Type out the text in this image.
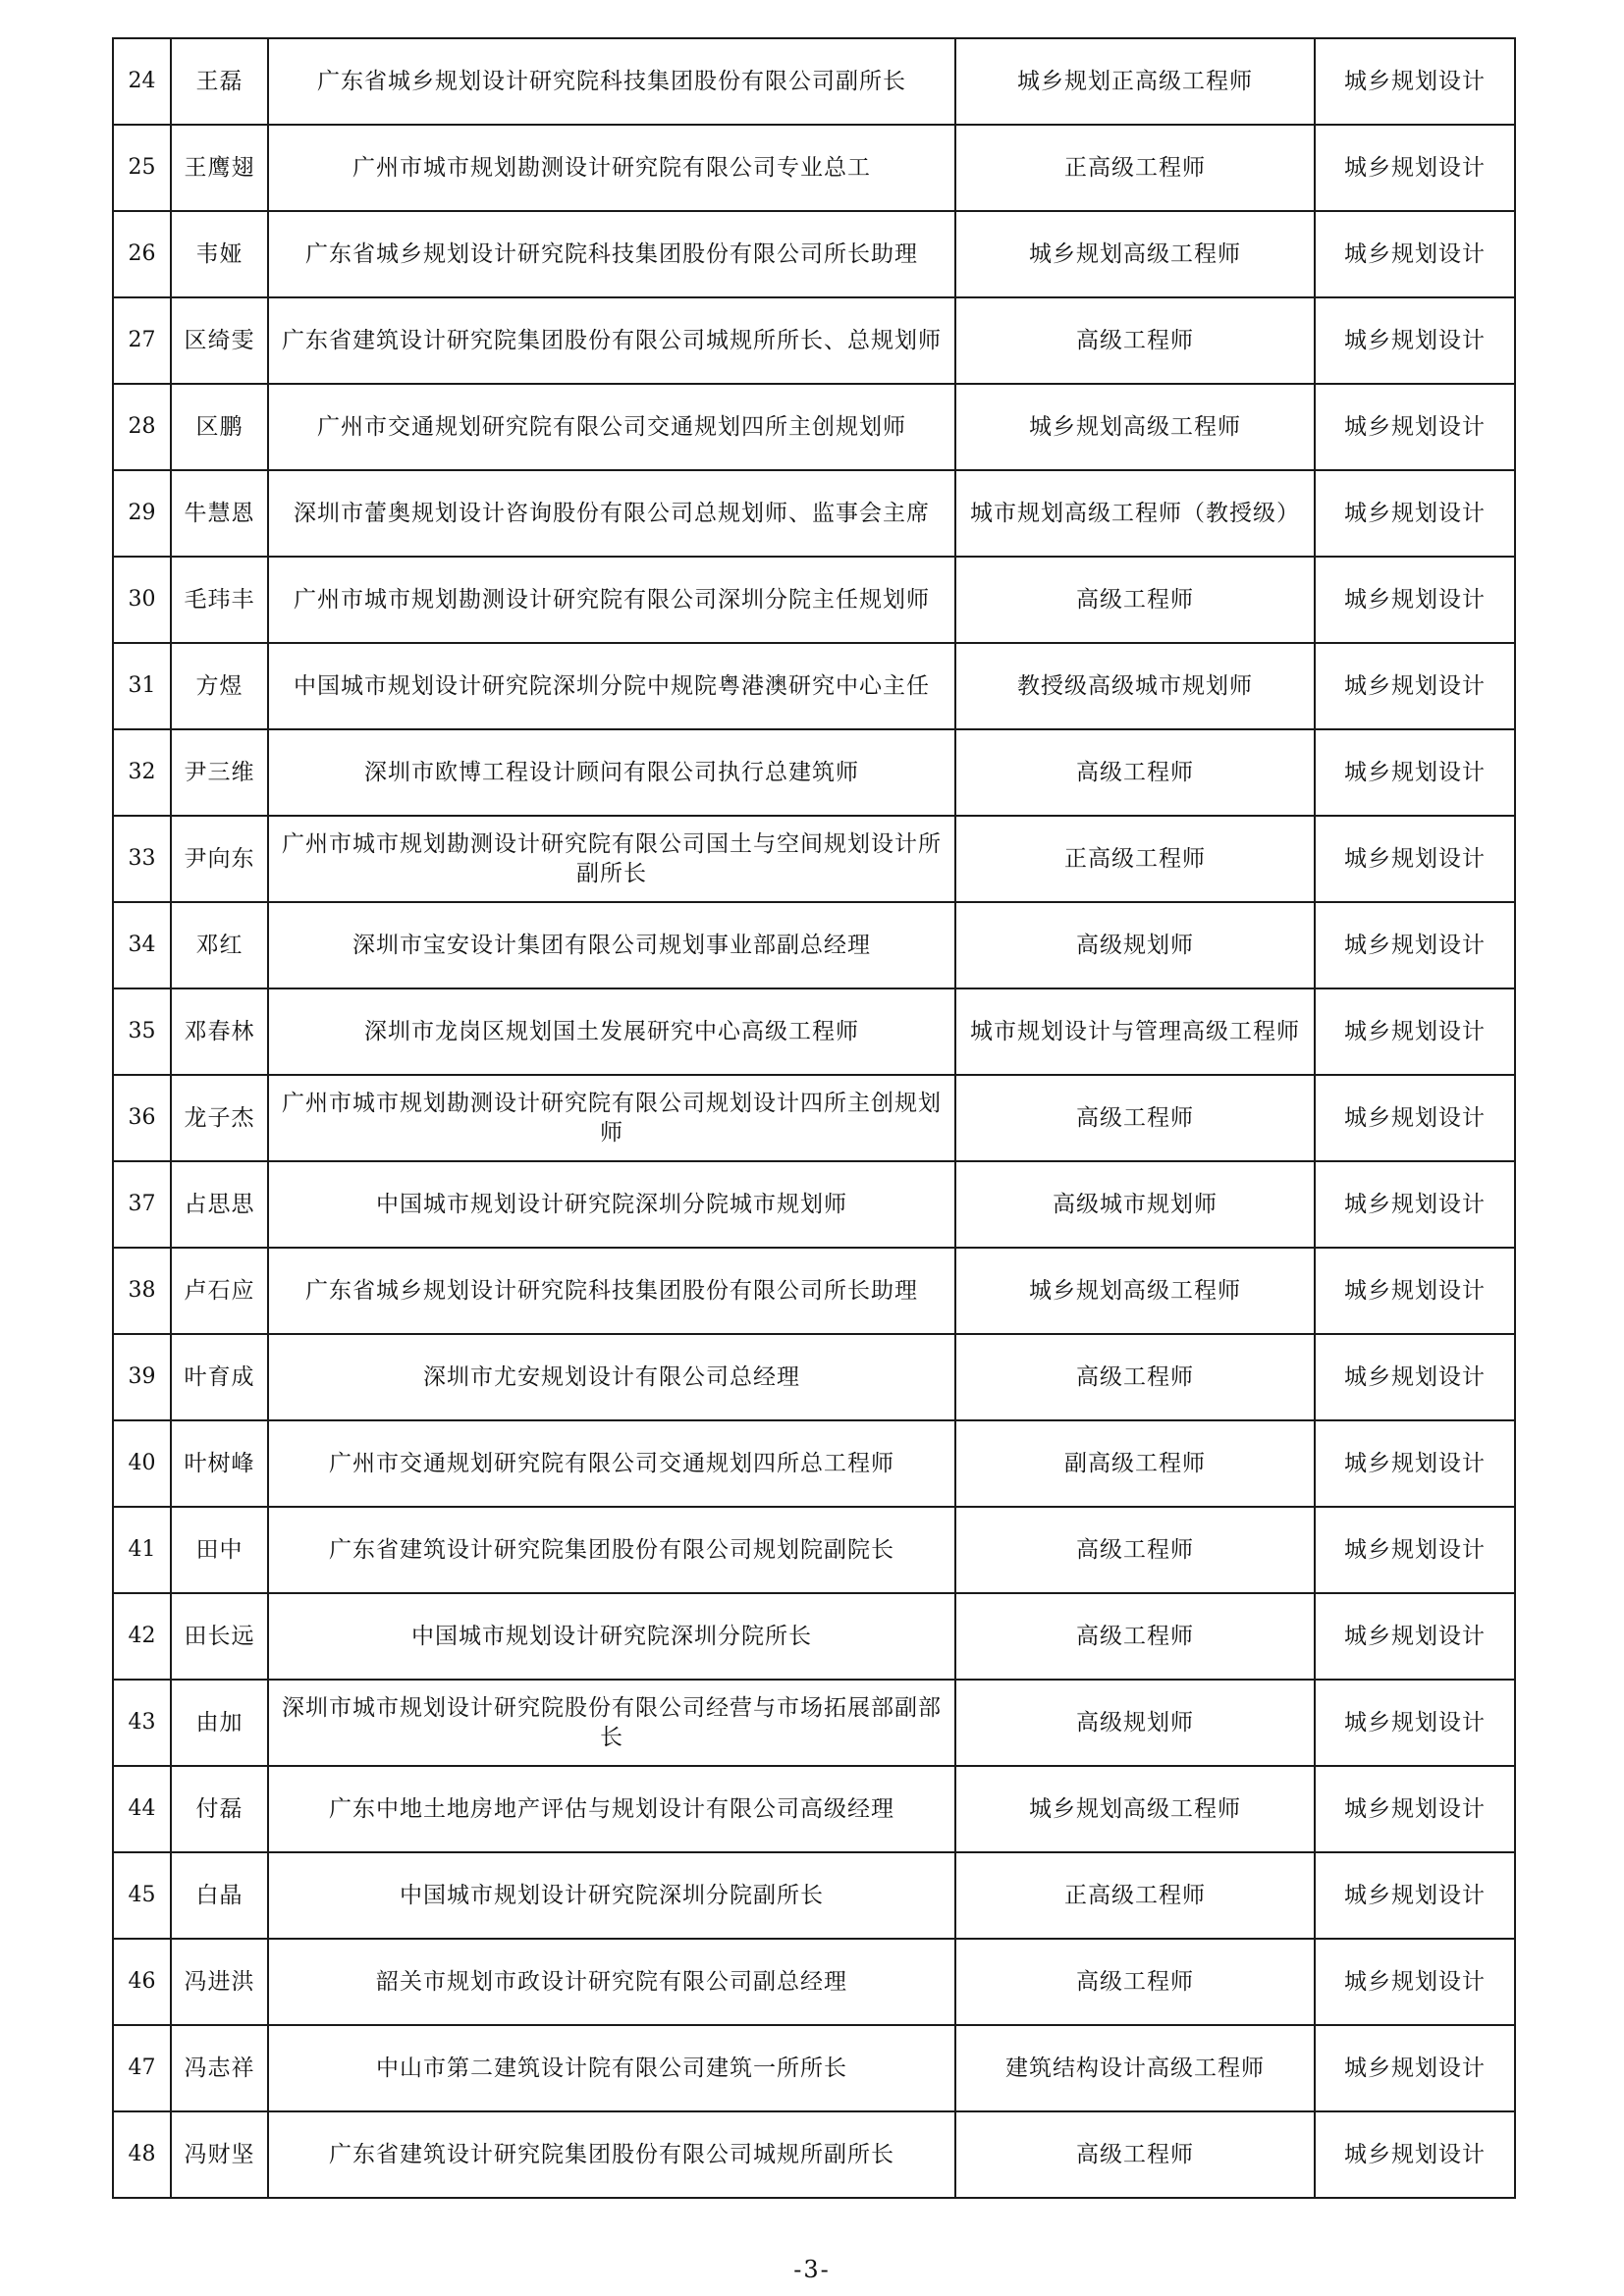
24	王磊	广东省城乡规划设计研究院科技集团股份有限公司副所长	城乡规划正高级工程师	城乡规划设计
25	王鹰翅	广州市城市规划勘测设计研究院有限公司专业总工	正高级工程师	城乡规划设计
26	韦娅	广东省城乡规划设计研究院科技集团股份有限公司所长助理	城乡规划高级工程师	城乡规划设计
27	区绮雯	广东省建筑设计研究院集团股份有限公司城规所所长、总规划师	高级工程师	城乡规划设计
28	区鹏	广州市交通规划研究院有限公司交通规划四所主创规划师	城乡规划高级工程师	城乡规划设计
29	牛慧恩	深圳市蕾奥规划设计咨询股份有限公司总规划师、监事会主席	城市规划高级工程师（教授级）	城乡规划设计
30	毛玮丰	广州市城市规划勘测设计研究院有限公司深圳分院主任规划师	高级工程师	城乡规划设计
31	方煜	中国城市规划设计研究院深圳分院中规院粤港澳研究中心主任	教授级高级城市规划师	城乡规划设计
32	尹三维	深圳市欧博工程设计顾问有限公司执行总建筑师	高级工程师	城乡规划设计
33	尹向东	广州市城市规划勘测设计研究院有限公司国土与空间规划设计所副所长	正高级工程师	城乡规划设计
34	邓红	深圳市宝安设计集团有限公司规划事业部副总经理	高级规划师	城乡规划设计
35	邓春林	深圳市龙岗区规划国土发展研究中心高级工程师	城市规划设计与管理高级工程师	城乡规划设计
36	龙子杰	广州市城市规划勘测设计研究院有限公司规划设计四所主创规划师	高级工程师	城乡规划设计
37	占思思	中国城市规划设计研究院深圳分院城市规划师	高级城市规划师	城乡规划设计
38	卢石应	广东省城乡规划设计研究院科技集团股份有限公司所长助理	城乡规划高级工程师	城乡规划设计
39	叶育成	深圳市尤安规划设计有限公司总经理	高级工程师	城乡规划设计
40	叶树峰	广州市交通规划研究院有限公司交通规划四所总工程师	副高级工程师	城乡规划设计
41	田中	广东省建筑设计研究院集团股份有限公司规划院副院长	高级工程师	城乡规划设计
42	田长远	中国城市规划设计研究院深圳分院所长	高级工程师	城乡规划设计
43	由加	深圳市城市规划设计研究院股份有限公司经营与市场拓展部副部长	高级规划师	城乡规划设计
44	付磊	广东中地土地房地产评估与规划设计有限公司高级经理	城乡规划高级工程师	城乡规划设计
45	白晶	中国城市规划设计研究院深圳分院副所长	正高级工程师	城乡规划设计
46	冯进洪	韶关市规划市政设计研究院有限公司副总经理	高级工程师	城乡规划设计
47	冯志祥	中山市第二建筑设计院有限公司建筑一所所长	建筑结构设计高级工程师	城乡规划设计
48	冯财坚	广东省建筑设计研究院集团股份有限公司城规所副所长	高级工程师	城乡规划设计
-3-
